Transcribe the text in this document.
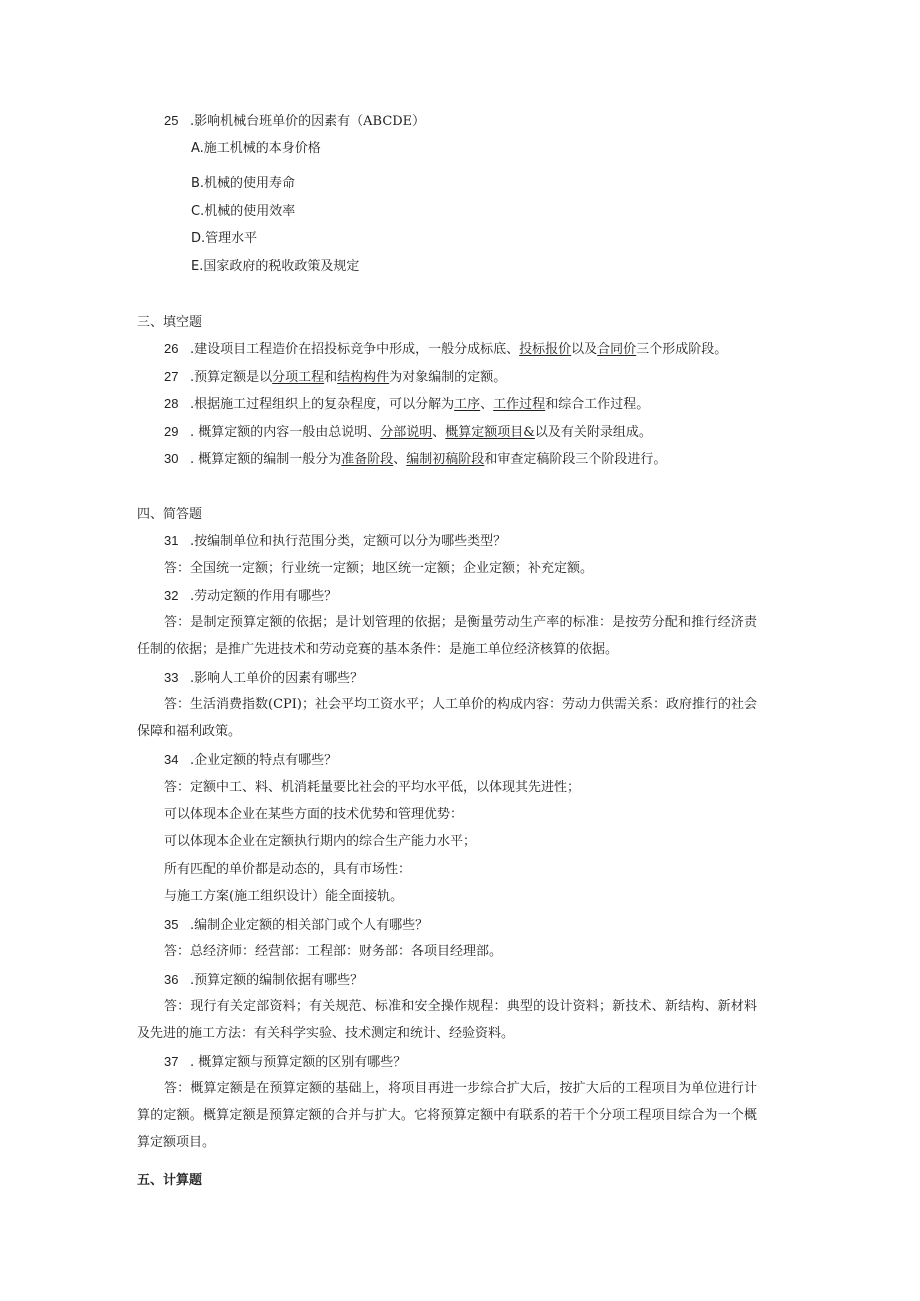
25 .影响机械台班单价的因素有（ABCDE）
A.施工机械的本身价格
B.机械的使用寿命
C.机械的使用效率
D.管理水平
E.国家政府的税收政策及规定
三、填空题
26 .建设项目工程造价在招投标竞争中形成，一般分成标底、投标报价以及合同价三个形成阶段。
27 .预算定额是以分项工程和结构构件为对象编制的定额。
28 .根据施工过程组织上的复杂程度，可以分解为工序、工作过程和综合工作过程。
29 . 概算定额的内容一般由总说明、分部说明、概算定额项目&以及有关附录组成。
30 . 概算定额的编制一般分为准备阶段、编制初稿阶段和审查定稿阶段三个阶段进行。
四、简答题
31 .按编制单位和执行范围分类，定额可以分为哪些类型？
答：全国统一定额；行业统一定额；地区统一定额；企业定额；补充定额。
32 .劳动定额的作用有哪些？
答：是制定预算定额的依据；是计划管理的依据；是衡量劳动生产率的标准：是按劳分配和推行经济责任制的依据；是推广先进技术和劳动竞赛的基本条件：是施工单位经济核算的依据。
33 .影响人工单价的因素有哪些？
答：生活消费指数(CPI)；社会平均工资水平；人工单价的构成内容：劳动力供需关系：政府推行的社会保障和福利政策。
34 .企业定额的特点有哪些？
答：定额中工、料、机消耗量要比社会的平均水平低，以体现其先进性；
可以体现本企业在某些方面的技术优势和管理优势：
可以体现本企业在定额执行期内的综合生产能力水平；
所有匹配的单价都是动态的，具有市场性：
与施工方案(施工组织设计）能全面接轨。
35 .编制企业定额的相关部门或个人有哪些？
答：总经济师：经营部：工程部：财务部：各项目经理部。
36 .预算定额的编制依据有哪些？
答：现行有关定部资料；有关规范、标准和安全操作规程：典型的设计资料；新技术、新结构、新材料及先进的施工方法：有关科学实验、技术测定和统计、经验资料。
37 . 概算定额与预算定额的区别有哪些？
答：概算定额是在预算定额的基础上，将项目再进一步综合扩大后，按扩大后的工程项目为单位进行计算的定额。概算定额是预算定额的合并与扩大。它将预算定额中有联系的若干个分项工程项目综合为一个概算定额项目。
五、计算题
